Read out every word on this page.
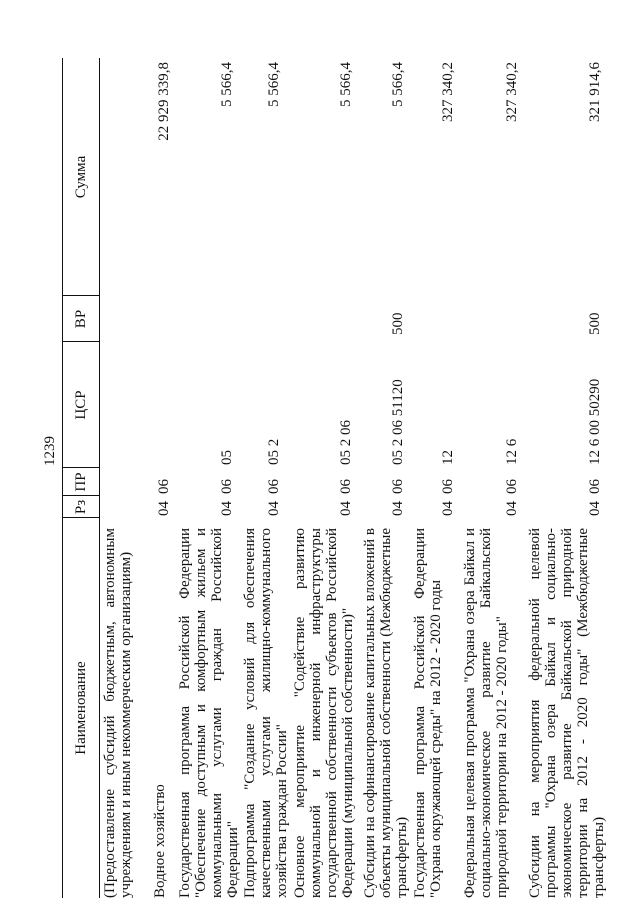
1239
Наименование
Рз
ПР
ЦСР
ВР
Сумма
(Предоставление субсидий бюджетным, автономным учреждениям и иным некоммерческим организациям) Водное хозяйство
04
06
22 929 339,8
Государственная программа Российской Федерации "Обеспечение доступным и комфортным жильем и коммунальными услугами граждан Российской Федерации"
04
06
05
5 566,4
Подпрограмма "Создание условий для обеспечения качественными услугами жилищно-коммунального хозяйства граждан России"
04
06
05 2
5 566,4
Основное мероприятие "Содействие развитию коммунальной и инженерной инфраструктуры государственной собственности субъектов Российской Федерации (муниципальной собственности)"
04
06
05 2 06
5 566,4
Субсидии на софинансирование капитальных вложений в объекты муниципальной собственности (Межбюджетные трансферты)
04
06
05 2 06 51120
500
5 566,4
Государственная программа Российской Федерации "Охрана окружающей среды" на 2012 - 2020 годы
04
06
12
327 340,2
Федеральная целевая программа "Охрана озера Байкал и социально-экономическое развитие Байкальской природной территории на 2012 - 2020 годы"
04
06
12 6
327 340,2
Субсидии на мероприятия федеральной целевой программы "Охрана озера Байкал и социально-экономическое развитие Байкальской природной территории на 2012 - 2020 годы" (Межбюджетные трансферты)
04
06
12 6 00 50290
500
321 914,6
